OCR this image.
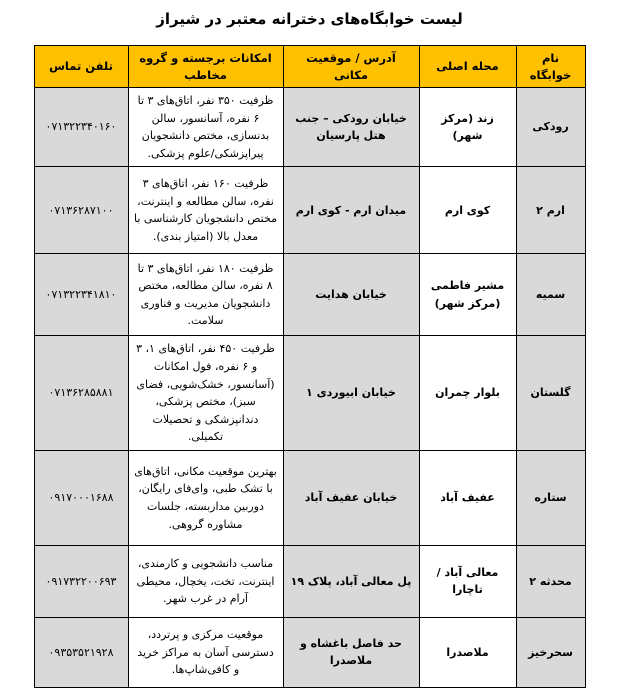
لیست خوابگاه‌های دخترانه معتبر در شیراز
نام خوابگاه	محله اصلی	آدرس / موقعیت مکانی	امکانات برجسته و گروه مخاطب	تلفن تماس
رودکی	زند (مرکز شهر)	خیابان رودکی – جنب هتل پارسیان	ظرفیت ۳۵۰ نفر، اتاق‌های ۳ تا ۶ نفره، آسانسور، سالن بدنسازی، مختص دانشجویان پیراپزشکی/علوم پزشکی.	۰۷۱۳۲۲۳۴۰۱۶۰
ارم ۲	کوی ارم	میدان ارم - کوی ارم	ظرفیت ۱۶۰ نفر، اتاق‌های ۳ نفره، سالن مطالعه و اینترنت، مختص دانشجویان کارشناسی با معدل بالا (امتیاز بندی).	۰۷۱۳۶۲۸۷۱۰۰
سمیه	مشیر فاطمی (مرکز شهر)	خیابان هدایت	ظرفیت ۱۸۰ نفر، اتاق‌های ۳ تا ۸ نفره، سالن مطالعه، مختص دانشجویان مدیریت و فناوری سلامت.	۰۷۱۳۲۲۳۴۱۸۱۰
گلستان	بلوار چمران	خیابان ابیوردی ۱	ظرفیت ۴۵۰ نفر، اتاق‌های ۱، ۳ و ۶ نفره، فول امکانات (آسانسور، خشک‌شویی، فضای سبز)، مختص پزشکی، دندانپزشکی و تحصیلات تکمیلی.	۰۷۱۳۶۲۸۵۸۸۱
ستاره	عفیف آباد	خیابان عفیف آباد	بهترین موقعیت مکانی، اتاق‌های با تشک طبی، وای‌فای رایگان، دوربین مداربسته، جلسات مشاوره گروهی.	۰۹۱۷۰۰۰۱۶۸۸
محدثه ۲	معالی آباد / تاچارا	پل معالی آباد، پلاک ۱۹	مناسب دانشجویی و کارمندی، اینترنت، تخت، یخچال، محیطی آرام در غرب شهر.	۰۹۱۷۳۲۲۰۰۶۹۳
سحرخیز	ملاصدرا	حد فاصل باغشاه و ملاصدرا	موقعیت مرکزی و پرتردد، دسترسی آسان به مراکز خرید و کافی‌شاپ‌ها.	۰۹۳۵۳۵۲۱۹۲۸
